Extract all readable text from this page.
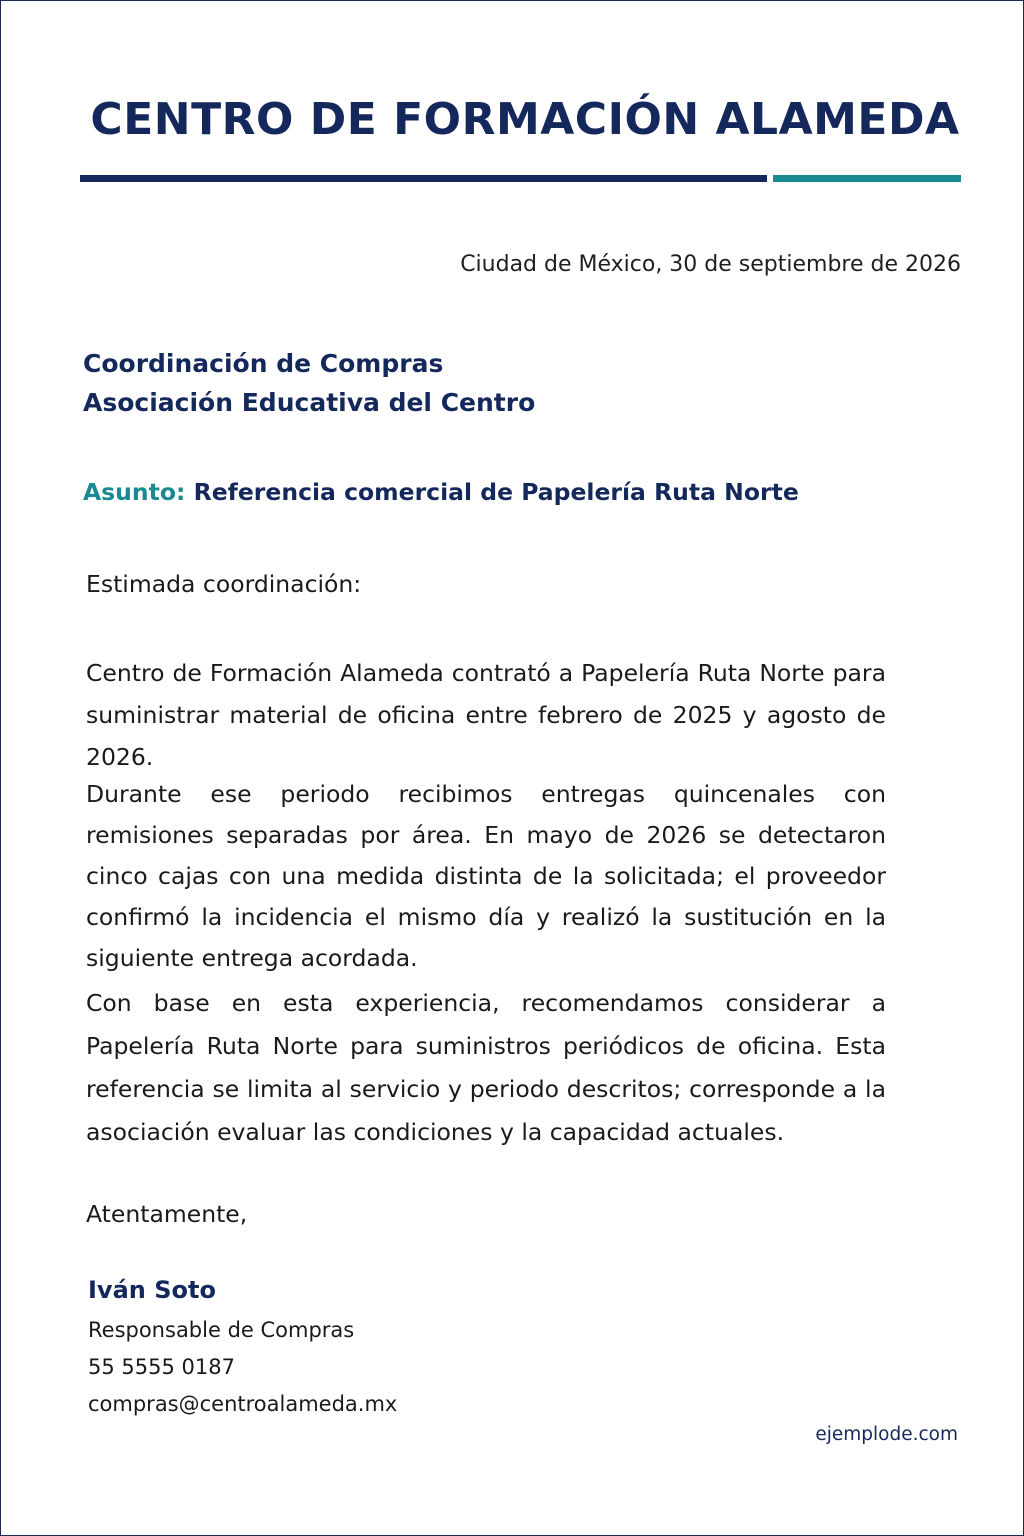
CENTRO DE FORMACIÓN ALAMEDA
Ciudad de México, 30 de septiembre de 2026
Coordinación de Compras
Asociación Educativa del Centro
Asunto: Referencia comercial de Papelería Ruta Norte

Estimada coordinación:

Centro de Formación Alameda contrató a Papelería Ruta Norte para suministrar material de oficina entre febrero de 2025 y agosto de 2026.

Durante ese periodo recibimos entregas quincenales con remisiones separadas por área. En mayo de 2026 se detectaron cinco cajas con una medida distinta de la solicitada; el proveedor confirmó la incidencia el mismo día y realizó la sustitución en la siguiente entrega acordada.

Con base en esta experiencia, recomendamos considerar a Papelería Ruta Norte para suministros periódicos de oficina. Esta referencia se limita al servicio y periodo descritos; corresponde a la asociación evaluar las condiciones y la capacidad actuales.

Atentamente,

Iván Soto
Responsable de Compras
55 5555 0187
compras@centroalameda.mx
ejemplode.com
